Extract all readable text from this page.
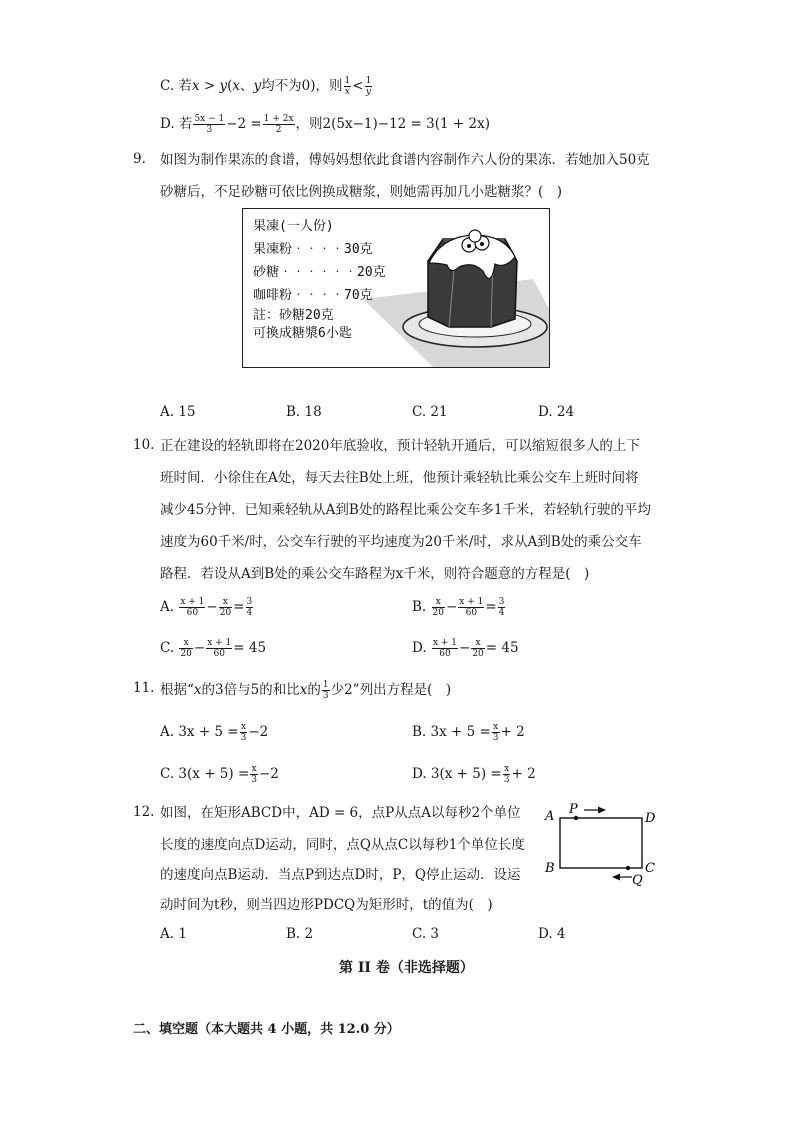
C. 若x > y(x、y均不为0)，则 $\frac{1}{x} < \frac{1}{y}$
D. 若 $\frac{5x - 1}{3} -2 = \frac{1 + 2x}{2}$ ，则2(5x−1)−12 = 3(1 + 2x)
9. 如图为制作果冻的食谱，傅妈妈想依此食谱内容制作六人份的果冻．若她加入50克
砂糖后，不足砂糖可依比例换成糖浆，则她需再加几小匙糖浆？(　)
果凍(一人份)
果凍粉‧‧‧‧30克
砂糖‧‧‧‧‧‧20克
咖啡粉‧‧‧‧70克
註：砂糖20克
可換成糖漿6小匙
A. 15	B. 18	C. 21	D. 24
10. 正在建设的轻轨即将在2020年底验收，预计轻轨开通后，可以缩短很多人的上下
班时间．小徐住在A处，每天去往B处上班，他预计乘轻轨比乘公交车上班时间将
减少45分钟．已知乘轻轨从A到B处的路程比乘公交车多1千米，若轻轨行驶的平均
速度为60千米/时，公交车行驶的平均速度为20千米/时，求从A到B处的乘公交车
路程．若设从A到B处的乘公交车路程为x千米，则符合题意的方程是(　)
A. $\frac{x + 1}{60} - \frac{x}{20} = \frac{3}{4}$	B. $\frac{x}{20} - \frac{x + 1}{60} = \frac{3}{4}$
C. $\frac{x}{20} - \frac{x + 1}{60} = 45$	D. $\frac{x + 1}{60} - \frac{x}{20} = 45$
11. 根据“x的3倍与5的和比x的 $\frac{1}{3}$ 少2”列出方程是(　)
A. $3x + 5 = \frac{x}{3} -2$	B. $3x + 5 = \frac{x}{3} + 2$
C. $3(x + 5) = \frac{x}{3} -2$	D. $3(x + 5) = \frac{x}{3} + 2$
12. 如图，在矩形ABCD中，AD = 6，点P从点A以每秒2个单位
长度的速度向点D运动，同时，点Q从点C以每秒1个单位长度
的速度向点B运动．当点P到达点D时，P，Q停止运动．设运
动时间为t秒，则当四边形PDCQ为矩形时，t的值为(　)
A P
D
B	C
Q
A. 1	B. 2	C. 3	D. 4
第 II 卷（非选择题）
二、填空题（本大题共 4 小题，共 12.0 分）
